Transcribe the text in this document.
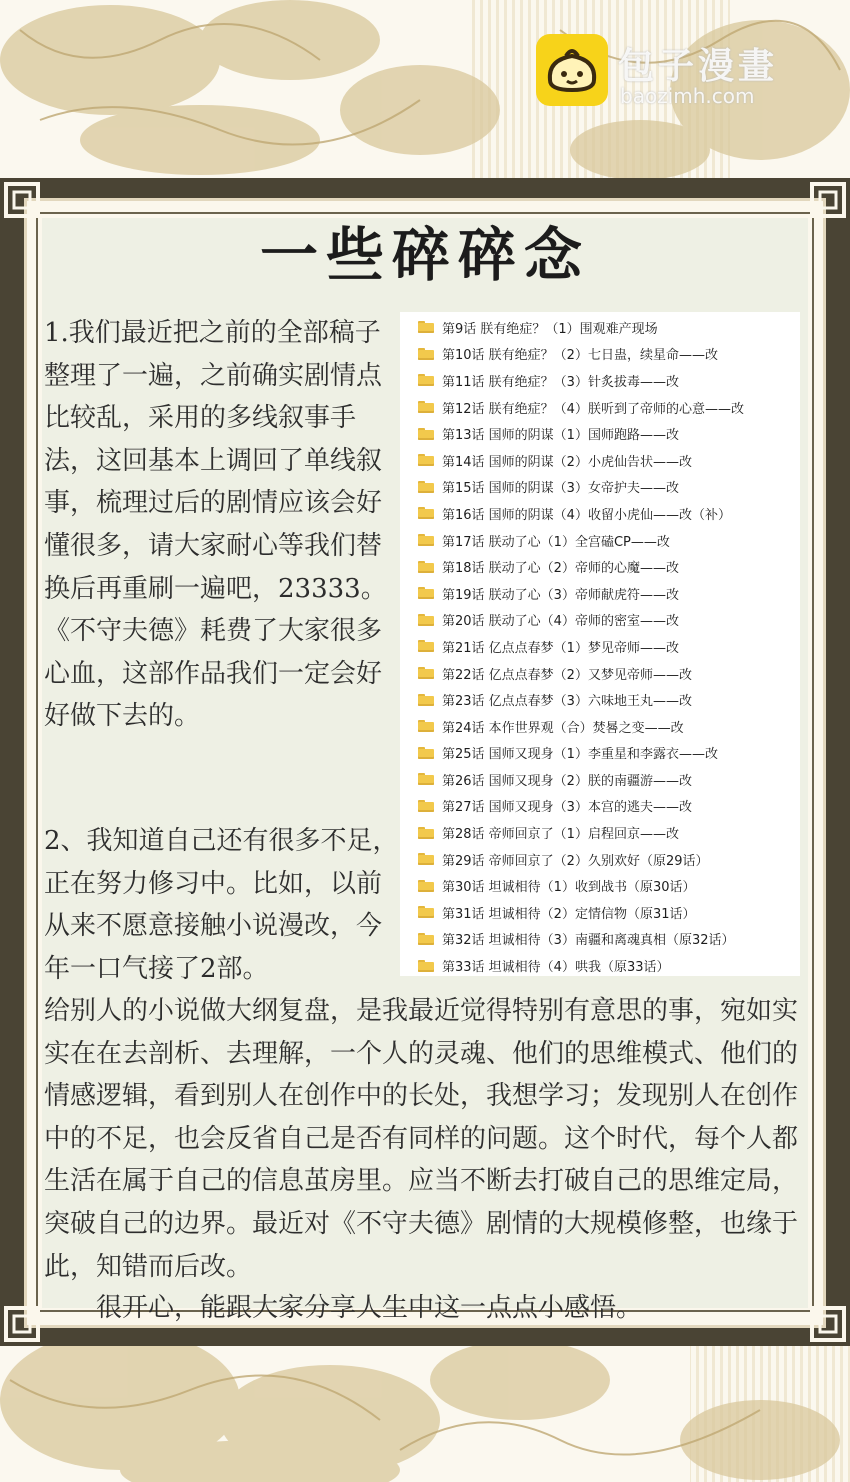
包子漫畫
baozimh.com
一些碎碎念
1.我们最近把之前的全部稿子整理了一遍，之前确实剧情点比较乱，采用的多线叙事手法，这回基本上调回了单线叙事，梳理过后的剧情应该会好懂很多，请大家耐心等我们替换后再重刷一遍吧，23333。《不守夫德》耗费了大家很多心血，这部作品我们一定会好好做下去的。
第9话 朕有绝症？（1）围观难产现场
第10话 朕有绝症？（2）七日蛊，续星命——改
第11话 朕有绝症？（3）针炙拔毒——改
第12话 朕有绝症？（4）朕听到了帝师的心意——改
第13话 国师的阴谋（1）国师跑路——改
第14话 国师的阴谋（2）小虎仙告状——改
第15话 国师的阴谋（3）女帝护夫——改
第16话 国师的阴谋（4）收留小虎仙——改（补）
第17话 朕动了心（1）全宫磕CP——改
第18话 朕动了心（2）帝师的心魔——改
第19话 朕动了心（3）帝师献虎符——改
第20话 朕动了心（4）帝师的密室——改
第21话 亿点点春梦（1）梦见帝师——改
第22话 亿点点春梦（2）又梦见帝师——改
第23话 亿点点春梦（3）六味地王丸——改
第24话 本作世界观（合）焚晷之变——改
第25话 国师又现身（1）李重星和李露衣——改
第26话 国师又现身（2）朕的南疆游——改
第27话 国师又现身（3）本宫的逃夫——改
第28话 帝师回京了（1）启程回京——改
第29话 帝师回京了（2）久别欢好（原29话）
第30话 坦诚相待（1）收到战书（原30话）
第31话 坦诚相待（2）定情信物（原31话）
第32话 坦诚相待（3）南疆和离魂真相（原32话）
第33话 坦诚相待（4）哄我（原33话）
2、我知道自己还有很多不足，正在努力修习中。比如，以前从来不愿意接触小说漫改，今年一口气接了2部。
给别人的小说做大纲复盘，是我最近觉得特别有意思的事，宛如实实在在去剖析、去理解，一个人的灵魂、他们的思维模式、他们的情感逻辑，看到别人在创作中的长处，我想学习；发现别人在创作中的不足，也会反省自己是否有同样的问题。这个时代，每个人都生活在属于自己的信息茧房里。应当不断去打破自己的思维定局，突破自己的边界。最近对《不守夫德》剧情的大规模修整，也缘于此，知错而后改。
很开心，能跟大家分享人生中这一点点小感悟。
